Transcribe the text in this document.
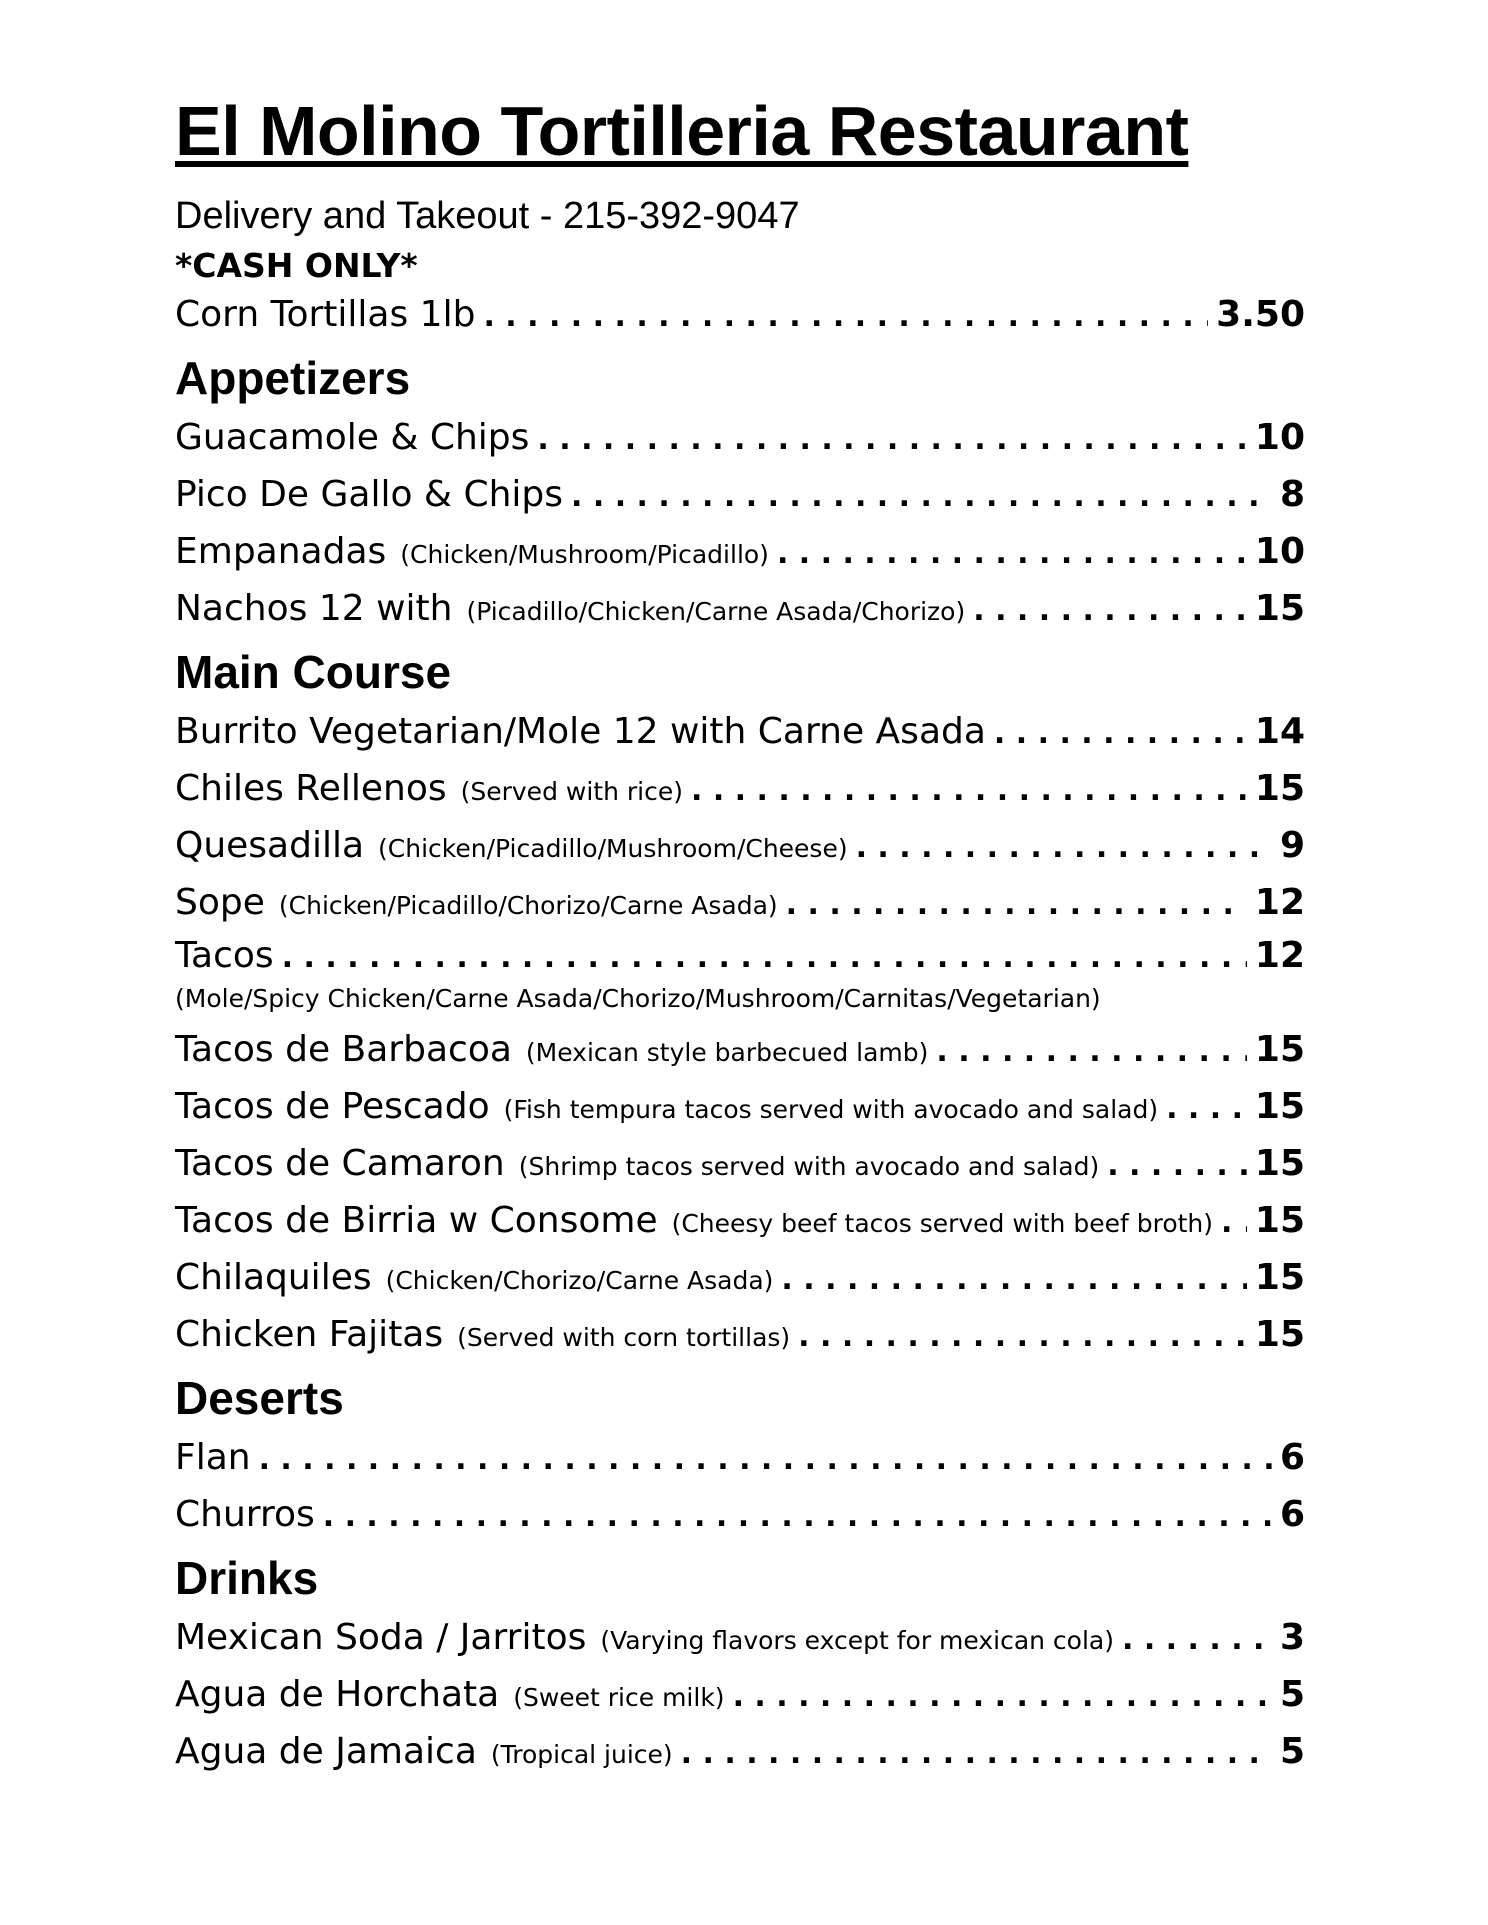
El Molino Tortilleria Restaurant
Delivery and Takeout - 215-392-9047
*CASH ONLY*
Corn Tortillas 1lb . . .	3.50
Appetizers
Guacamole & Chips . . .	10
Pico De Gallo & Chips . . .	8
Empanadas (Chicken/Mushroom/Picadillo) . . .	10
Nachos 12 with (Picadillo/Chicken/Carne Asada/Chorizo) . . .	15
Main Course
Burrito Vegetarian/Mole 12 with Carne Asada . . .	14
Chiles Rellenos (Served with rice) . . .	15
Quesadilla (Chicken/Picadillo/Mushroom/Cheese) . . .	9
Sope (Chicken/Picadillo/Chorizo/Carne Asada) . . .	12
Tacos . . .	12
(Mole/Spicy Chicken/Carne Asada/Chorizo/Mushroom/Carnitas/Vegetarian)
Tacos de Barbacoa (Mexican style barbecued lamb) . . .	15
Tacos de Pescado (Fish tempura tacos served with avocado and salad) . . .	15
Tacos de Camaron (Shrimp tacos served with avocado and salad) . . .	15
Tacos de Birria w Consome (Cheesy beef tacos served with beef broth) . . . 15
Chilaquiles (Chicken/Chorizo/Carne Asada) . . .	15
Chicken Fajitas (Served with corn tortillas) . . .	15
Deserts
Flan . . .	6
Churros . . .	6
Drinks
Mexican Soda / Jarritos (Varying flavors except for mexican cola) . . .	3
Agua de Horchata (Sweet rice milk) . . .	5
Agua de Jamaica (Tropical juice) . . .	5
